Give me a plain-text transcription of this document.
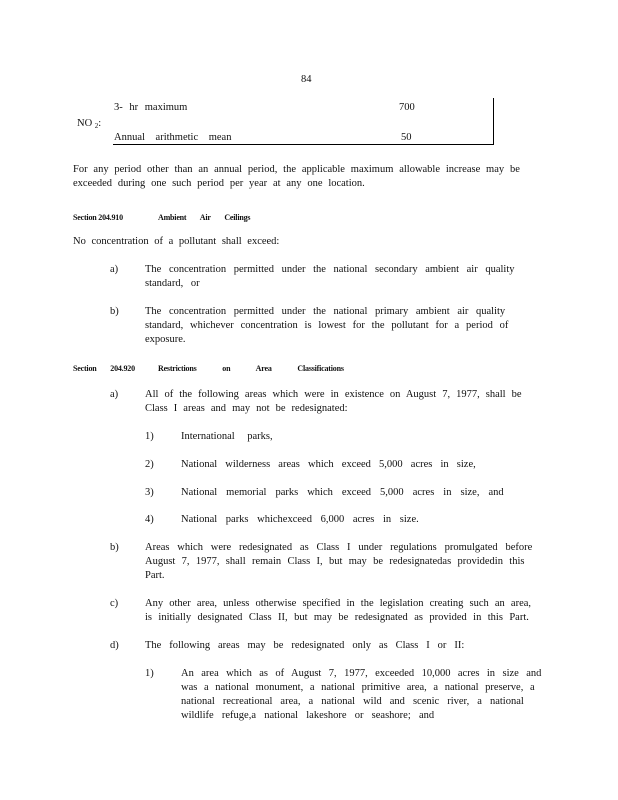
84
NO $_2$:
3- hr maximum	700
Annual arithmetic mean	50
For any period other than an annual period, the applicable maximum allowable increase may be
exceeded during one such period per year at any one location.
Section 204.910	Ambient Air Ceilings
No concentration of a pollutant shall exceed:
a)	The concentration permitted under the national secondary ambient air quality
standard, or
b)	The concentration permitted under the national primary ambient air quality
standard, whichever concentration is lowest for the pollutant for a period of
exposure.
Section 204.920	Restrictions on Area Classifications
a)	All of the following areas which were in existence on August 7, 1977, shall be
Class I areas and may not be redesignated:
1)	International parks,
2)	National wilderness areas which exceed 5,000 acres in size,
3)	National memorial parks which exceed 5,000 acres in size, and
4)	National parks whichexceed 6,000 acres in size.
b)	Areas which were redesignated as Class I under regulations promulgated before
August 7, 1977, shall remain Class I, but may be redesignatedas providedin this
Part.
c)	Any other area, unless otherwise specified in the legislation creating such an area,
is initially designated Class II, but may be redesignated as provided in this Part.
d)	The following areas may be redesignated only as Class I or II:
1)	An area which as of August 7, 1977, exceeded 10,000 acres in size and
was a national monument, a national primitive area, a national preserve, a
national recreational area, a national wild and scenic river, a national
wildlife refuge,a national lakeshore or seashore; and
